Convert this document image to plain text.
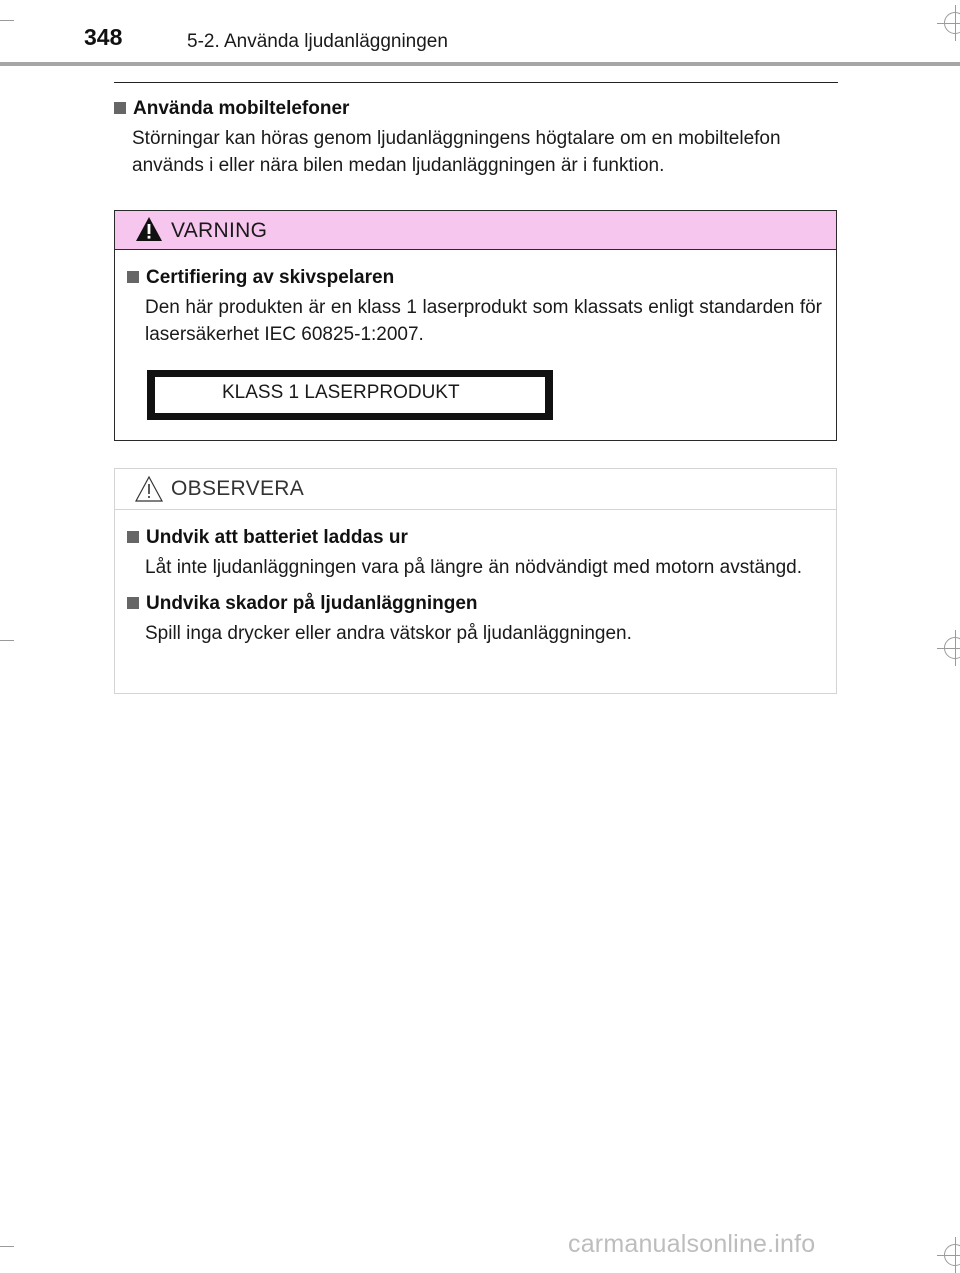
348	5-2. Använda ljudanläggningen
Använda mobiltelefoner
Störningar kan höras genom ljudanläggningens högtalare om en mobiltelefon används i eller nära bilen medan ljudanläggningen är i funktion.
VARNING
Certifiering av skivspelaren
Den här produkten är en klass 1 laserprodukt som klassats enligt standarden för lasersäkerhet IEC 60825-1:2007.
KLASS 1 LASERPRODUKT
OBSERVERA
Undvik att batteriet laddas ur
Låt inte ljudanläggningen vara på längre än nödvändigt med motorn avstängd.
Undvika skador på ljudanläggningen
Spill inga drycker eller andra vätskor på ljudanläggningen.
carmanualsonline.info
